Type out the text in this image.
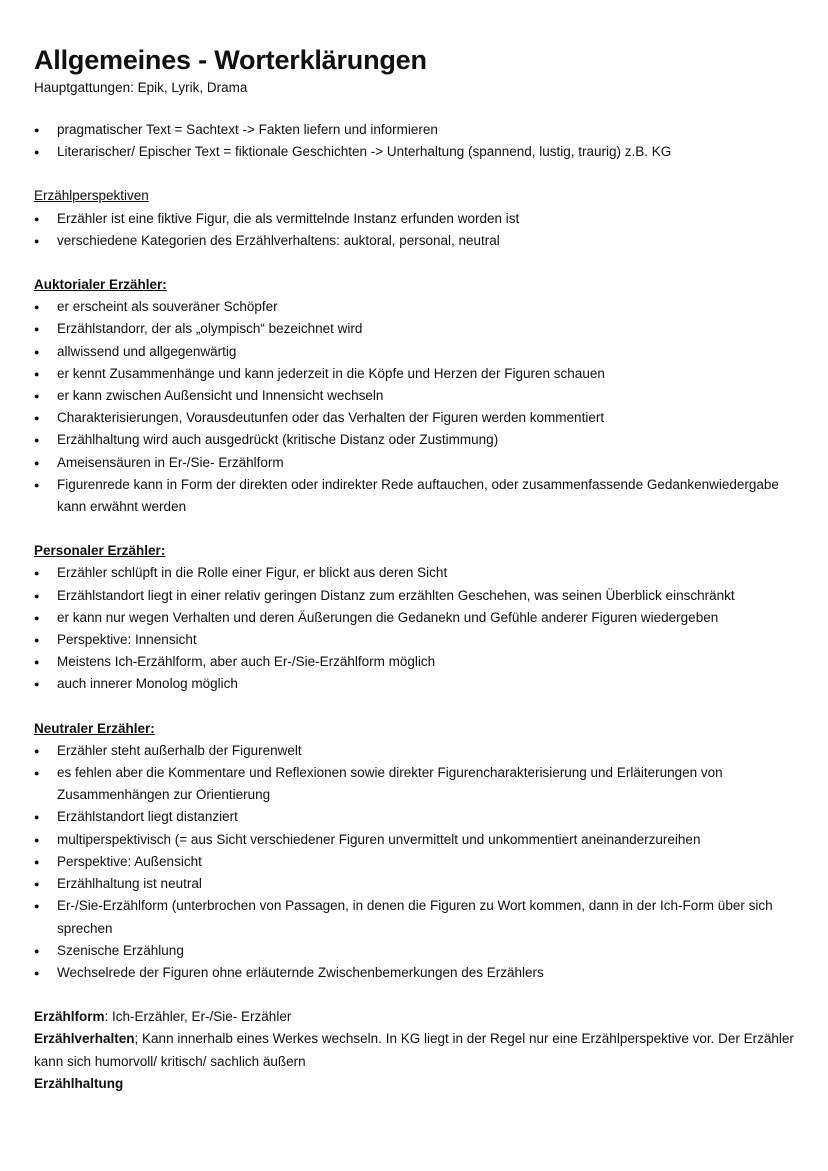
Allgemeines - Worterklärungen

Hauptgattungen: Epik, Lyrik, Drama

● pragmatischer Text = Sachtext -> Fakten liefern und informieren
● Literarischer/ Epischer Text = fiktionale Geschichten -> Unterhaltung (spannend, lustig, traurig) z.B. KG
Erzählperspektiven
● Erzähler ist eine fiktive Figur, die als vermittelnde Instanz erfunden worden ist
● verschiedene Kategorien des Erzählverhaltens: auktoral, personal, neutral
Auktorialer Erzähler:
● er erscheint als souveräner Schöpfer
● Erzählstandorr, der als „olympisch“ bezeichnet wird
● allwissend und allgegenwärtig
● er kennt Zusammenhänge und kann jederzeit in die Köpfe und Herzen der Figuren schauen
● er kann zwischen Außensicht und Innensicht wechseln
● Charakterisierungen, Vorausdeutunfen oder das Verhalten der Figuren werden kommentiert
● Erzählhaltung wird auch ausgedrückt (kritische Distanz oder Zustimmung)
● Ameisensäuren in Er-/Sie- Erzählform
● Figurenrede kann in Form der direkten oder indirekter Rede auftauchen, oder zusammenfassende Gedankenwiedergabe kann erwähnt werden
Personaler Erzähler:
● Erzähler schlüpft in die Rolle einer Figur, er blickt aus deren Sicht
● Erzählstandort liegt in einer relativ geringen Distanz zum erzählten Geschehen, was seinen Überblick einschränkt
● er kann nur wegen Verhalten und deren Äußerungen die Gedanekn und Gefühle anderer Figuren wiedergeben
● Perspektive: Innensicht
● Meistens Ich-Erzählform, aber auch Er-/Sie-Erzählform möglich
● auch innerer Monolog möglich
Neutraler Erzähler:
● Erzähler steht außerhalb der Figurenwelt
● es fehlen aber die Kommentare und Reflexionen sowie direkter Figurencharakterisierung und Erläiterungen von Zusammenhängen zur Orientierung
● Erzählstandort liegt distanziert
● multiperspektivisch (= aus Sicht verschiedener Figuren unvermittelt und unkommentiert aneinanderzureihen
● Perspektive: Außensicht
● Erzählhaltung ist neutral
● Er-/Sie-Erzählform (unterbrochen von Passagen, in denen die Figuren zu Wort kommen, dann in der Ich-Form über sich sprechen
● Szenische Erzählung
● Wechselrede der Figuren ohne erläuternde Zwischenbemerkungen des Erzählers

Erzählform: Ich-Erzähler, Er-/Sie- Erzähler

Erzählverhalten; Kann innerhalb eines Werkes wechseln. In KG liegt in der Regel nur eine Erzählperspektive vor. Der Erzähler kann sich humorvoll/ kritisch/ sachlich äußern

Erzählhaltung
